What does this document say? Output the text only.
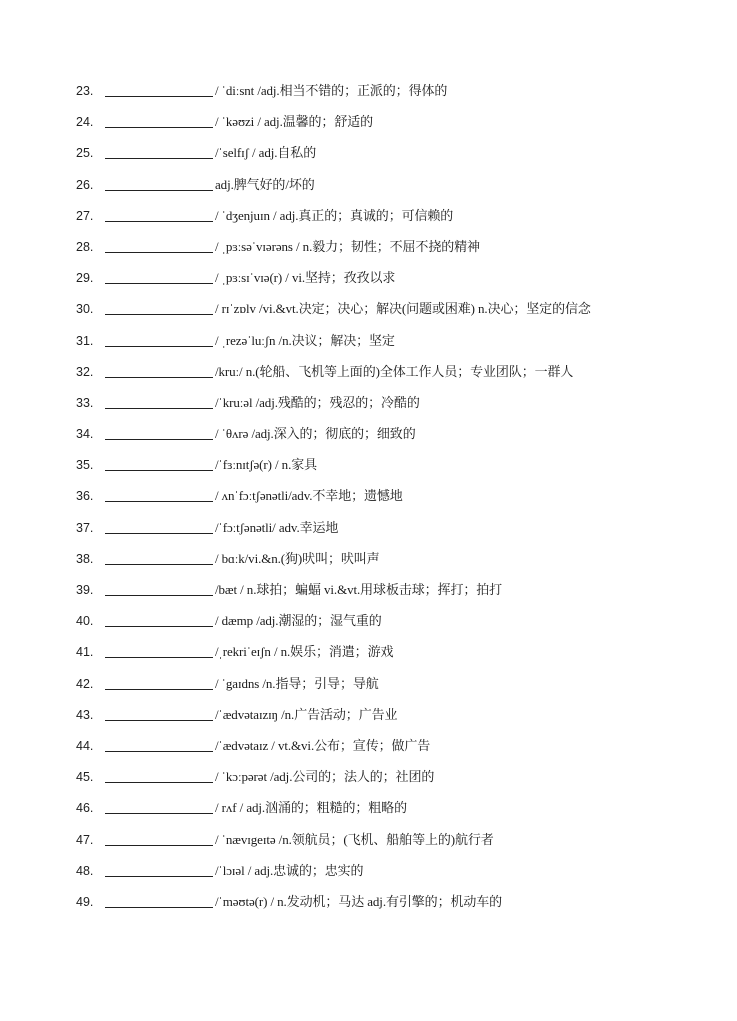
23.	/ ˈdiːsnt /adj.相当不错的；正派的；得体的
24.	/ ˈkəʊzi / adj.温馨的；舒适的
25.	/ˈselfɪʃ / adj.自私的
26.	adj.脾气好的/坏的
27.	/ ˈdʒenjuɪn / adj.真正的；真诚的；可信赖的
28.	/ ˌpɜːsəˈvɪərəns / n.毅力；韧性；不屈不挠的精神
29.	/ ˌpɜːsɪˈvɪə(r) / vi.坚持；孜孜以求
30.	/ rɪˈzɒlv /vi.&vt.决定；决心；解决(问题或困难) n.决心；坚定的信念
31.	/ ˌrezəˈluːʃn /n.决议；解决；坚定
32.	/kruː/ n.(轮船、飞机等上面的)全体工作人员；专业团队；一群人
33.	/ˈkruːəl /adj.残酷的；残忍的；冷酷的
34.	/ ˈθʌrə /adj.深入的；彻底的；细致的
35.	/ˈfɜːnɪtʃə(r) / n.家具
36.	/ ʌnˈfɔːtʃənətli/adv.不幸地；遗憾地
37.	/ˈfɔːtʃənətli/ adv.幸运地
38.	/ bɑːk/vi.&n.(狗)吠叫；吠叫声
39.	/bæt / n.球拍；蝙蝠 vi.&vt.用球板击球；挥打；拍打
40.	/ dæmp /adj.潮湿的；湿气重的
41.	/ˌrekriˈeɪʃn / n.娱乐；消遣；游戏
42.	/ ˈgaɪdns /n.指导；引导；导航
43.	/ˈædvətaɪzɪŋ /n.广告活动；广告业
44.	/ˈædvətaɪz / vt.&vi.公布；宣传；做广告
45.	/ ˈkɔːpərət /adj.公司的；法人的；社团的
46.	/ rʌf / adj.汹涌的；粗糙的；粗略的
47.	/ ˈnævɪgeɪtə /n.领航员；(飞机、船舶等上的)航行者
48.	/ˈlɔɪəl / adj.忠诚的；忠实的
49.	/ˈməʊtə(r) / n.发动机；马达 adj.有引擎的；机动车的
